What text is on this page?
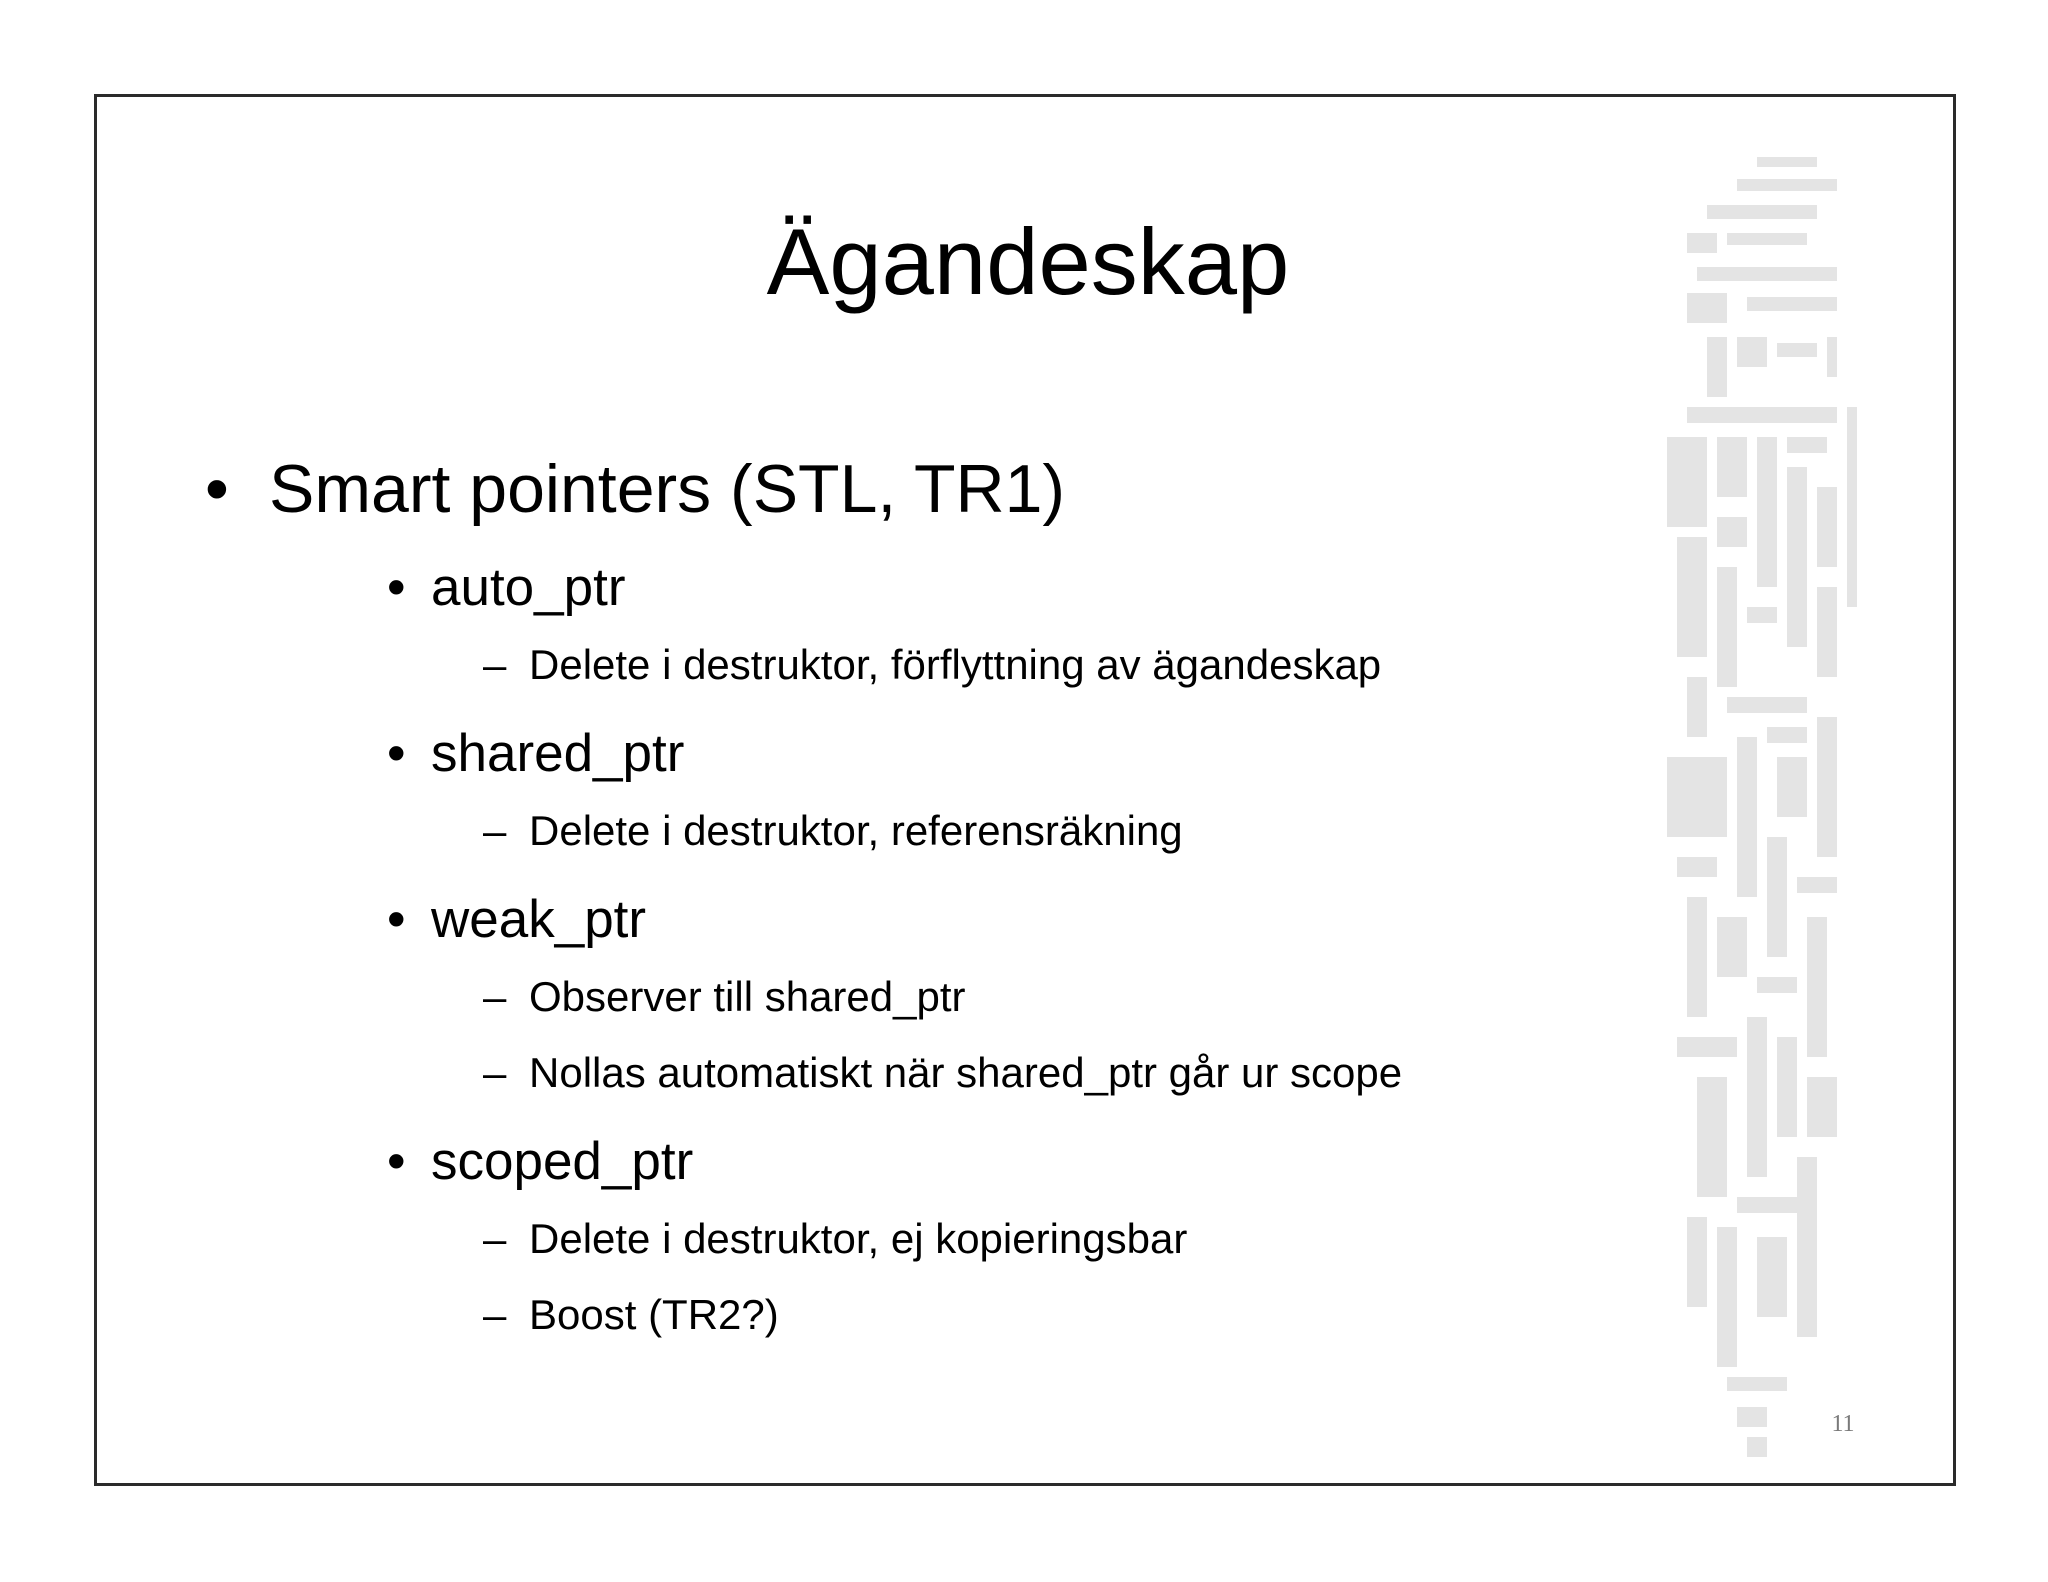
Ägandeskap
• Smart pointers (STL, TR1)
• auto_ptr
– Delete i destruktor, förflyttning av ägandeskap
• shared_ptr
– Delete i destruktor, referensräkning
• weak_ptr
– Observer till shared_ptr
– Nollas automatiskt när shared_ptr går ur scope
• scoped_ptr
– Delete i destruktor, ej kopieringsbar
– Boost (TR2?)
11
